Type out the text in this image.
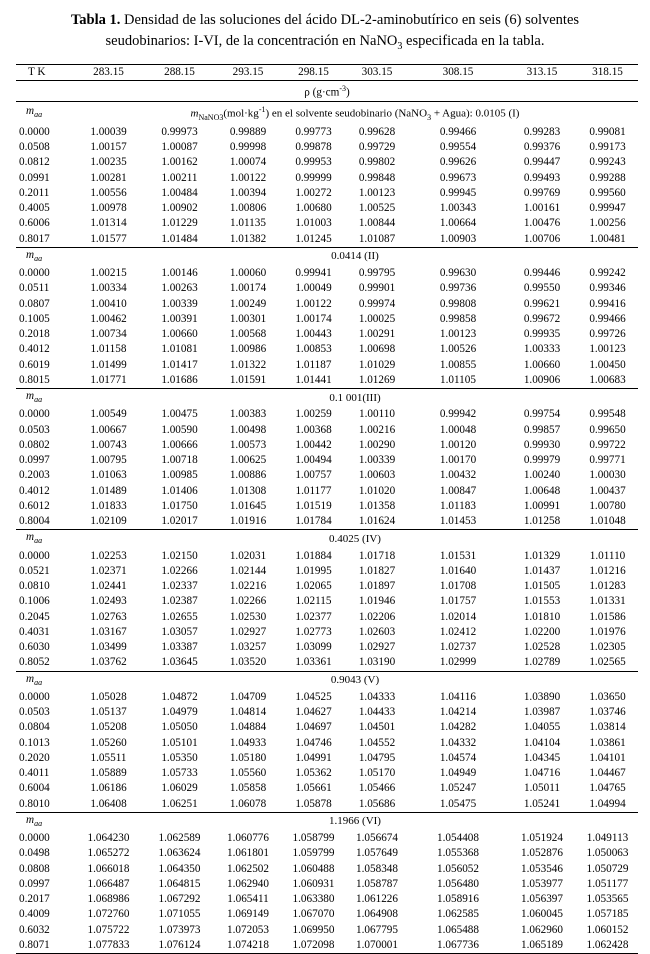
Tabla 1. Densidad de las soluciones del ácido DL-2-aminobutírico en seis (6) solventes
seudobinarios: I-VI, de la concentración en NaNO$_3$ especificada en la tabla.
T K	283.15	288.15	293.15	298.15	303.15	308.15	313.15	318.15
ρ $(g\cdot cm^{-3})$								
$m_{aa}$	$m_{NaNO3}(mol\cdot kg^{-1})$ en el solvente seudobinario (NaNO$_3$ + Agua): 0.0105 (I)							
0.0000	1.00039	0.99973	0.99889	0.99773	0.99628	0.99466	0.99283	0.99081
0.0508	1.00157	1.00087	0.99998	0.99878	0.99729	0.99554	0.99376	0.99173
0.0812	1.00235	1.00162	1.00074	0.99953	0.99802	0.99626	0.99447	0.99243
0.0991	1.00281	1.00211	1.00122	0.99999	0.99848	0.99673	0.99493	0.99288
0.2011	1.00556	1.00484	1.00394	1.00272	1.00123	0.99945	0.99769	0.99560
0.4005	1.00978	1.00902	1.00806	1.00680	1.00525	1.00343	1.00161	0.99947
0.6006	1.01314	1.01229	1.01135	1.01003	1.00844	1.00664	1.00476	1.00256
0.8017	1.01577	1.01484	1.01382	1.01245	1.01087	1.00903	1.00706	1.00481
$m_{aa}$	0.0414 (II)							
0.0000	1.00215	1.00146	1.00060	0.99941	0.99795	0.99630	0.99446	0.99242
0.0511	1.00334	1.00263	1.00174	1.00049	0.99901	0.99736	0.99550	0.99346
0.0807	1.00410	1.00339	1.00249	1.00122	0.99974	0.99808	0.99621	0.99416
0.1005	1.00462	1.00391	1.00301	1.00174	1.00025	0.99858	0.99672	0.99466
0.2018	1.00734	1.00660	1.00568	1.00443	1.00291	1.00123	0.99935	0.99726
0.4012	1.01158	1.01081	1.00986	1.00853	1.00698	1.00526	1.00333	1.00123
0.6019	1.01499	1.01417	1.01322	1.01187	1.01029	1.00855	1.00660	1.00450
0.8015	1.01771	1.01686	1.01591	1.01441	1.01269	1.01105	1.00906	1.00683
$m_{aa}$	0.1 001(III)							
0.0000	1.00549	1.00475	1.00383	1.00259	1.00110	0.99942	0.99754	0.99548
0.0503	1.00667	1.00590	1.00498	1.00368	1.00216	1.00048	0.99857	0.99650
0.0802	1.00743	1.00666	1.00573	1.00442	1.00290	1.00120	0.99930	0.99722
0.0997	1.00795	1.00718	1.00625	1.00494	1.00339	1.00170	0.99979	0.99771
0.2003	1.01063	1.00985	1.00886	1.00757	1.00603	1.00432	1.00240	1.00030
0.4012	1.01489	1.01406	1.01308	1.01177	1.01020	1.00847	1.00648	1.00437
0.6012	1.01833	1.01750	1.01645	1.01519	1.01358	1.01183	1.00991	1.00780
0.8004	1.02109	1.02017	1.01916	1.01784	1.01624	1.01453	1.01258	1.01048
$m_{aa}$	0.4025 (IV)							
0.0000	1.02253	1.02150	1.02031	1.01884	1.01718	1.01531	1.01329	1.01110
0.0521	1.02371	1.02266	1.02144	1.01995	1.01827	1.01640	1.01437	1.01216
0.0810	1.02441	1.02337	1.02216	1.02065	1.01897	1.01708	1.01505	1.01283
0.1006	1.02493	1.02387	1.02266	1.02115	1.01946	1.01757	1.01553	1.01331
0.2045	1.02763	1.02655	1.02530	1.02377	1.02206	1.02014	1.01810	1.01586
0.4031	1.03167	1.03057	1.02927	1.02773	1.02603	1.02412	1.02200	1.01976
0.6030	1.03499	1.03387	1.03257	1.03099	1.02927	1.02737	1.02528	1.02305
0.8052	1.03762	1.03645	1.03520	1.03361	1.03190	1.02999	1.02789	1.02565
$m_{aa}$	0.9043 (V)							
0.0000	1.05028	1.04872	1.04709	1.04525	1.04333	1.04116	1.03890	1.03650
0.0503	1.05137	1.04979	1.04814	1.04627	1.04433	1.04214	1.03987	1.03746
0.0804	1.05208	1.05050	1.04884	1.04697	1.04501	1.04282	1.04055	1.03814
0.1013	1.05260	1.05101	1.04933	1.04746	1.04552	1.04332	1.04104	1.03861
0.2020	1.05511	1.05350	1.05180	1.04991	1.04795	1.04574	1.04345	1.04101
0.4011	1.05889	1.05733	1.05560	1.05362	1.05170	1.04949	1.04716	1.04467
0.6004	1.06186	1.06029	1.05858	1.05661	1.05466	1.05247	1.05011	1.04765
0.8010	1.06408	1.06251	1.06078	1.05878	1.05686	1.05475	1.05241	1.04994
$m_{aa}$	1.1966 (VI)							
0.0000	1.064230	1.062589	1.060776	1.058799	1.056674	1.054408	1.051924	1.049113
0.0498	1.065272	1.063624	1.061801	1.059799	1.057649	1.055368	1.052876	1.050063
0.0808	1.066018	1.064350	1.062502	1.060488	1.058348	1.056052	1.053546	1.050729
0.0997	1.066487	1.064815	1.062940	1.060931	1.058787	1.056480	1.053977	1.051177
0.2017	1.068986	1.067292	1.065411	1.063380	1.061226	1.058916	1.056397	1.053565
0.4009	1.072760	1.071055	1.069149	1.067070	1.064908	1.062585	1.060045	1.057185
0.6032	1.075722	1.073973	1.072053	1.069950	1.067795	1.065488	1.062960	1.060152
0.8071	1.077833	1.076124	1.074218	1.072098	1.070001	1.067736	1.065189	1.062428
